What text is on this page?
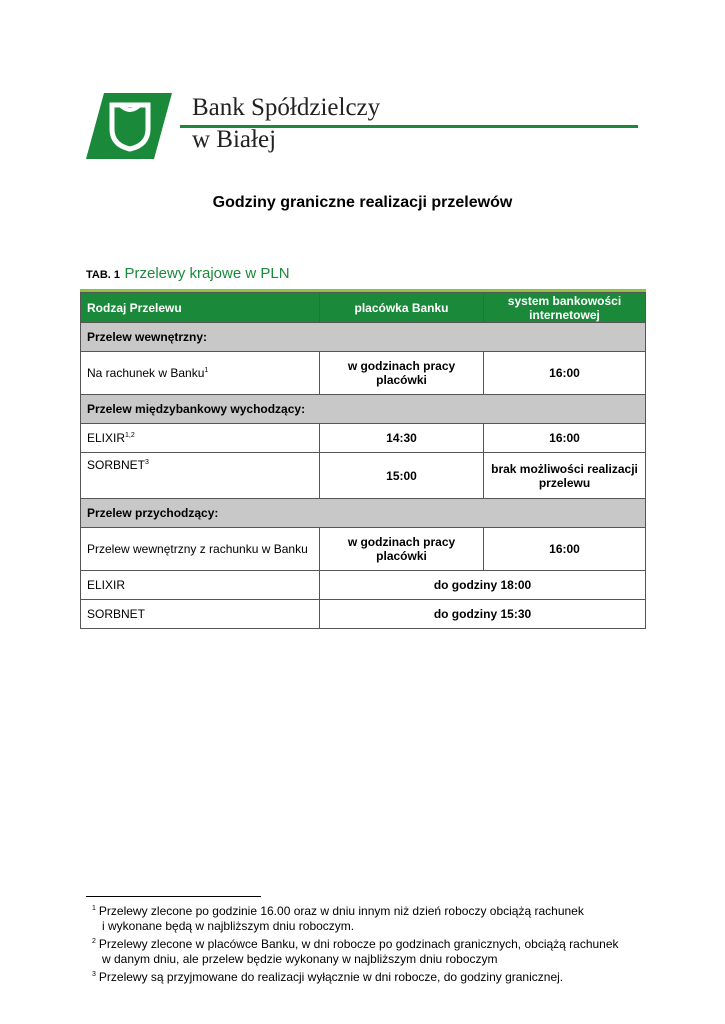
Bank Spółdzielczy
w Białej
Godziny graniczne realizacji przelewów
TAB. 1 Przelewy krajowe w PLN
Rodzaj Przelewu	placówka Banku	system bankowości internetowej
Przelew wewnętrzny:		
Na rachunek w Banku$^1$	w godzinach pracy placówki	16:00
Przelew międzybankowy wychodzący:		
ELIXIR$^{1,2}$	14:30	16:00
SORBNET$^3$	15:00	brak możliwości realizacji przelewu
Przelew przychodzący:		
Przelew wewnętrzny z rachunku w Banku	w godzinach pracy placówki	16:00
ELIXIR	do godziny 18:00	
SORBNET	do godziny 15:30	

$^1$ Przelewy zlecone po godzinie 16.00 oraz w dniu innym niż dzień roboczy obciążą rachunek
i wykonane będą w najbliższym dniu roboczym.

$^2$ Przelewy zlecone w placówce Banku, w dni robocze po godzinach granicznych, obciążą rachunek
w danym dniu, ale przelew będzie wykonany w najbliższym dniu roboczym

$^3$ Przelewy są przyjmowane do realizacji wyłącznie w dni robocze, do godziny granicznej.
